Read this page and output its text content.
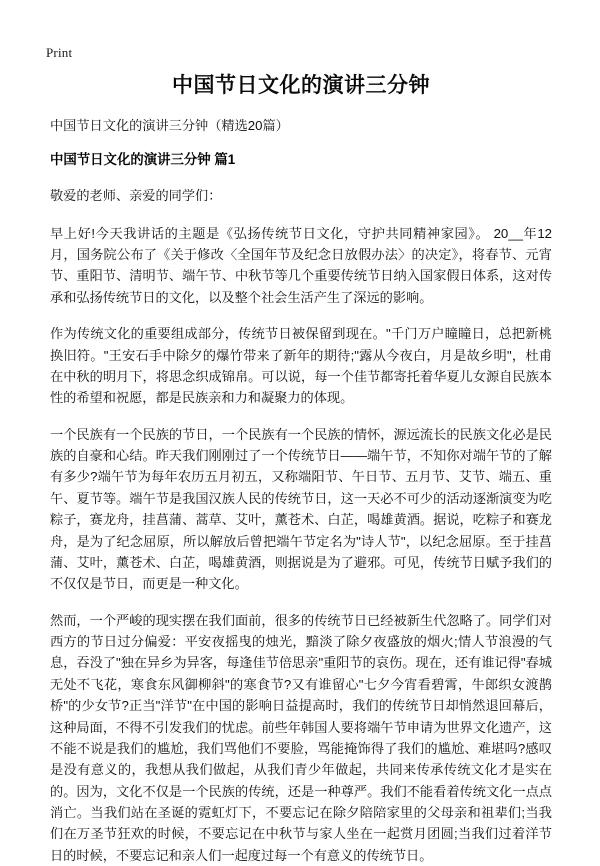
Print
中国节日文化的演讲三分钟

中国节日文化的演讲三分钟（精选20篇）

中国节日文化的演讲三分钟 篇1

敬爱的老师、亲爱的同学们：

早上好!今天我讲话的主题是《弘扬传统节日文化，守护共同精神家园》。 20__年12月，国务院公布了《关于修改〈全国年节及纪念日放假办法〉的决定》，将春节、元宵节、重阳节、清明节、端午节、中秋节等几个重要传统节日纳入国家假日体系，这对传承和弘扬传统节日的文化，以及整个社会生活产生了深远的影响。

作为传统文化的重要组成部分，传统节日被保留到现在。"千门万户瞳瞳日，总把新桃换旧符。"王安石手中除夕的爆竹带来了新年的期待;"露从今夜白，月是故乡明"，杜甫在中秋的明月下，将思念织成锦帛。可以说，每一个佳节都寄托着华夏儿女源自民族本性的希望和祝愿，都是民族亲和力和凝聚力的体现。

一个民族有一个民族的节日，一个民族有一个民族的情怀，源远流长的民族文化必是民族的自豪和心结。昨天我们刚刚过了一个传统节日——端午节，不知你对端午节的了解有多少?端午节为每年农历五月初五，又称端阳节、午日节、五月节、艾节、端五、重午、夏节等。端午节是我国汉族人民的传统节日，这一天必不可少的活动逐渐演变为吃粽子，赛龙舟，挂菖蒲、蒿草、艾叶，薰苍术、白芷，喝雄黄酒。据说，吃粽子和赛龙舟，是为了纪念屈原，所以解放后曾把端午节定名为"诗人节"，以纪念屈原。至于挂菖蒲、艾叶，薰苍术、白芷，喝雄黄酒，则据说是为了避邪。可见，传统节日赋予我们的不仅仅是节日，而更是一种文化。

然而，一个严峻的现实摆在我们面前，很多的传统节日已经被新生代忽略了。同学们对西方的节日过分偏爱：平安夜摇曳的烛光，黯淡了除夕夜盛放的烟火;情人节浪漫的气息，吞没了"独在异乡为异客，每逢佳节倍思亲"重阳节的哀伤。现在，还有谁记得"春城无处不飞花，寒食东风御柳斜"的寒食节?又有谁留心"七夕今宵看碧霄，牛郎织女渡鹊桥"的少女节?正当"洋节"在中国的影响日益提高时，我们的传统节日却悄然退回幕后，这种局面，不得不引发我们的忧虑。前些年韩国人要将端午节申请为世界文化遗产，这不能不说是我们的尴尬，我们骂他们不要脸，骂能掩饰得了我们的尴尬、难堪吗?感叹是没有意义的，我想从我们做起，从我们青少年做起，共同来传承传统文化才是实在的。因为，文化不仅是一个民族的传统，还是一种尊严。我们不能看着传统文化一点点消亡。当我们站在圣诞的霓虹灯下，不要忘记在除夕陪陪家里的父母亲和祖辈们;当我们在万圣节狂欢的时候，不要忘记在中秋节与家人坐在一起赏月团圆;当我们过着洋节日的时候，不要忘记和亲人们一起度过每一个有意义的传统节日。
